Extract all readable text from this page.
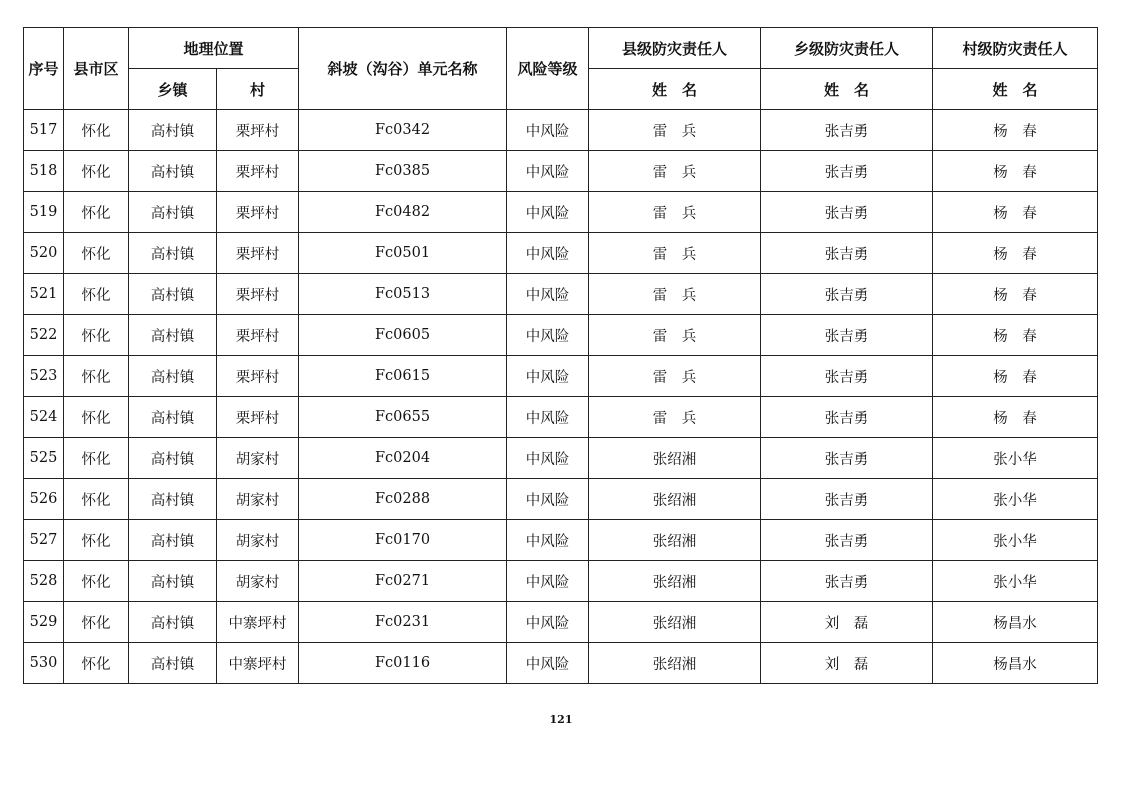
序号	县市区	地理位置		斜坡（沟谷）单元名称	风险等级	县级防灾责任人	乡级防灾责任人	村级防灾责任人
		乡镇	村			姓　名	姓　名	姓　名
517	怀化	高村镇	栗坪村	Fc0342	中风险	雷　兵	张吉勇	杨　春
518	怀化	高村镇	栗坪村	Fc0385	中风险	雷　兵	张吉勇	杨　春
519	怀化	高村镇	栗坪村	Fc0482	中风险	雷　兵	张吉勇	杨　春
520	怀化	高村镇	栗坪村	Fc0501	中风险	雷　兵	张吉勇	杨　春
521	怀化	高村镇	栗坪村	Fc0513	中风险	雷　兵	张吉勇	杨　春
522	怀化	高村镇	栗坪村	Fc0605	中风险	雷　兵	张吉勇	杨　春
523	怀化	高村镇	栗坪村	Fc0615	中风险	雷　兵	张吉勇	杨　春
524	怀化	高村镇	栗坪村	Fc0655	中风险	雷　兵	张吉勇	杨　春
525	怀化	高村镇	胡家村	Fc0204	中风险	张绍湘	张吉勇	张小华
526	怀化	高村镇	胡家村	Fc0288	中风险	张绍湘	张吉勇	张小华
527	怀化	高村镇	胡家村	Fc0170	中风险	张绍湘	张吉勇	张小华
528	怀化	高村镇	胡家村	Fc0271	中风险	张绍湘	张吉勇	张小华
529	怀化	高村镇	中寨坪村	Fc0231	中风险	张绍湘	刘　磊	杨昌水
530	怀化	高村镇	中寨坪村	Fc0116	中风险	张绍湘	刘　磊	杨昌水
121
